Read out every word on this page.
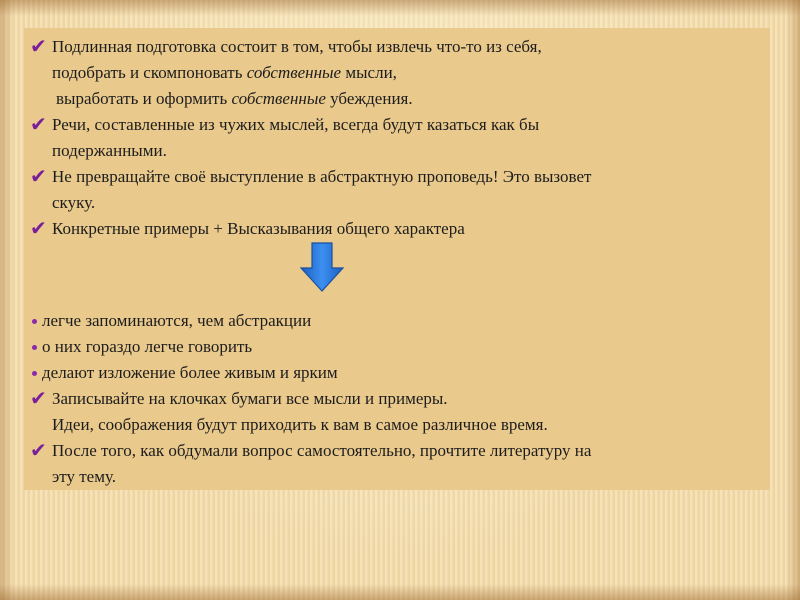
✔ Подлинная подготовка состоит в том, чтобы извлечь что-то из себя,
подобрать и скомпоновать собственные мысли,
выработать и оформить собственные убеждения.
✔ Речи, составленные из чужих мыслей, всегда будут казаться как бы
подержанными.
✔ Не превращайте своё выступление в абстрактную проповедь! Это вызовет
скуку.
✔ Конкретные примеры + Высказывания общего характера
легче запоминаются, чем абстракции
о них гораздо легче говорить
делают изложение более живым и ярким
✔ Записывайте на клочках бумаги все мысли и примеры.
Идеи, соображения будут приходить к вам в самое различное время.
✔ После того, как обдумали вопрос самостоятельно, прочтите литературу на
эту тему.
